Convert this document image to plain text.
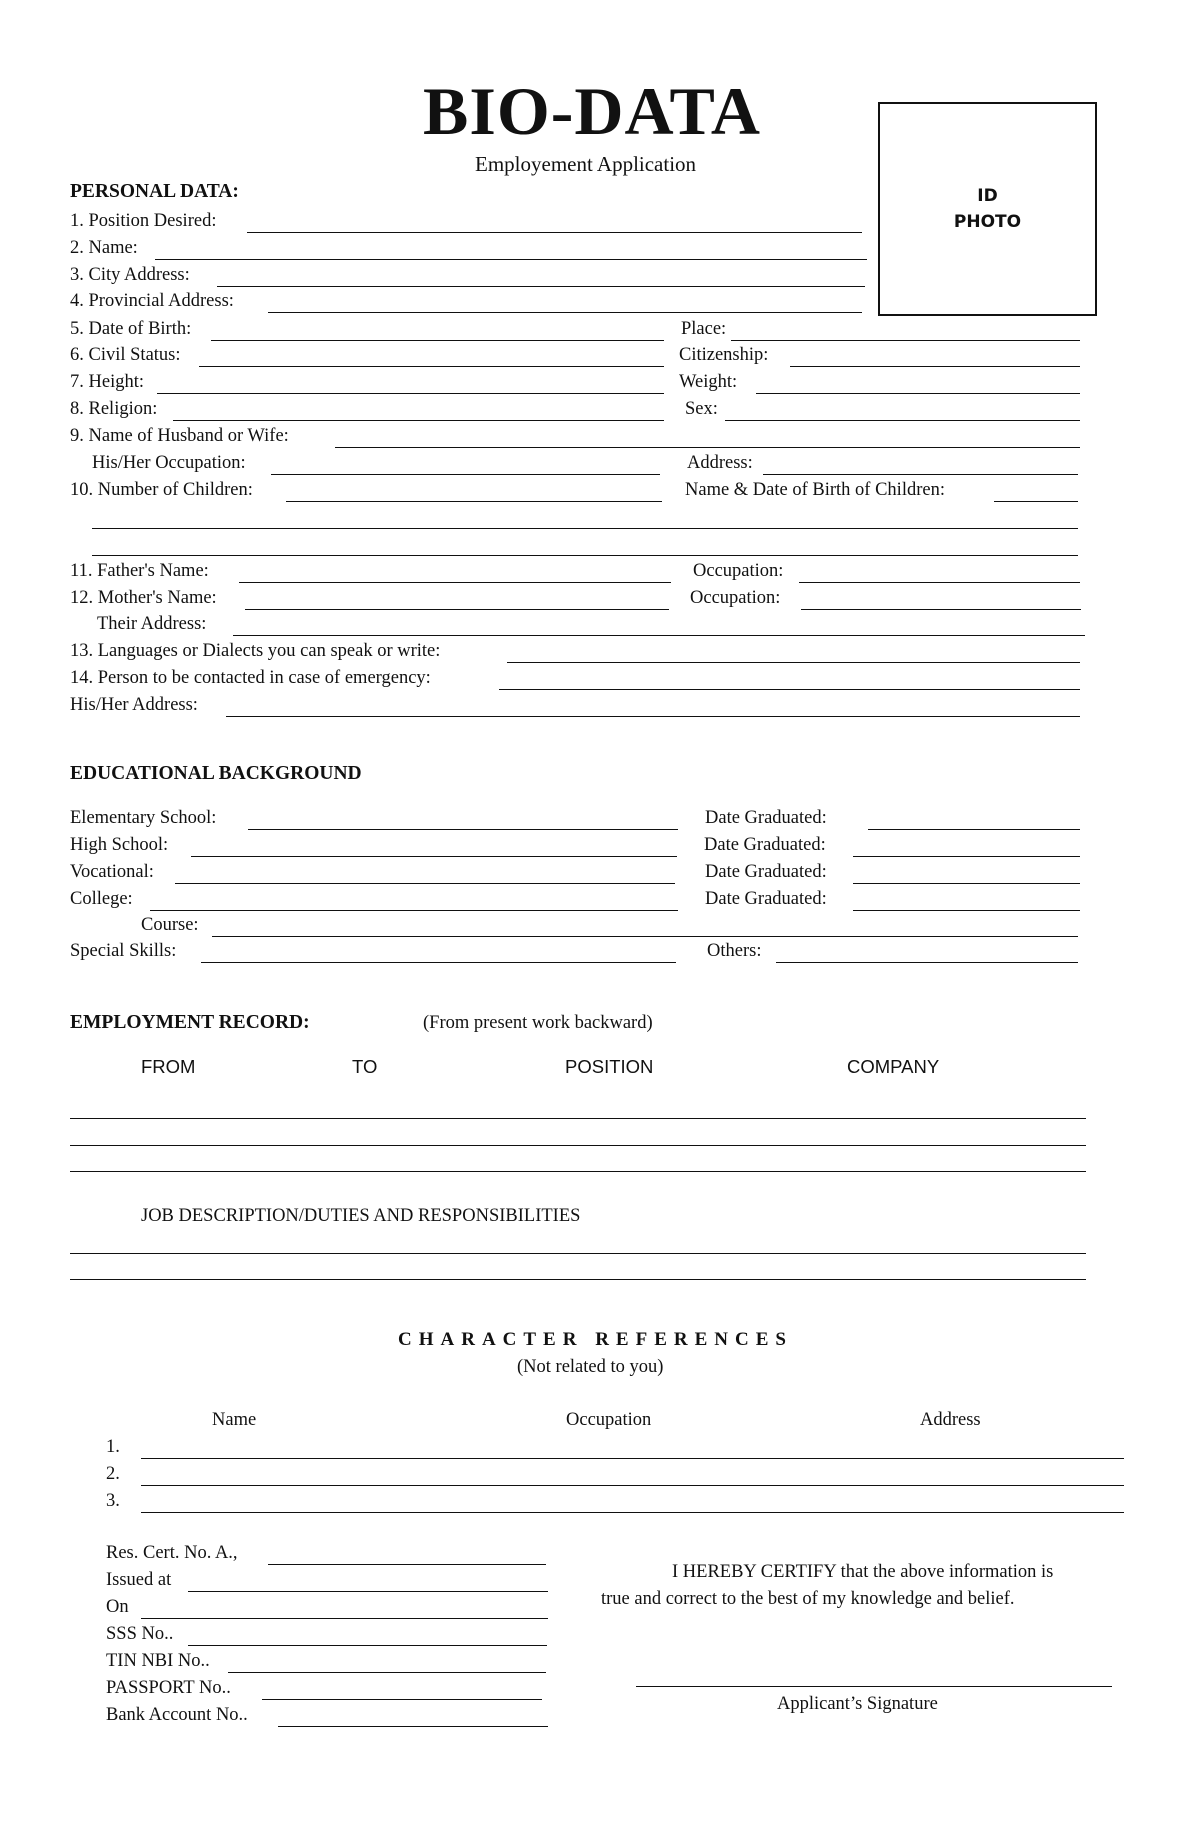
BIO-DATA
Employement Application
ID
PHOTO
PERSONAL DATA:
1. Position Desired:
2. Name:
3. City Address:
4. Provincial Address:
5. Date of Birth:	Place:
6. Civil Status:	Citizenship:
7. Height:	Weight:
8. Religion:	Sex:
9. Name of Husband or Wife:
His/Her Occupation:	Address:
10. Number of Children:	Name & Date of Birth of Children:
11. Father's Name:	Occupation:
12. Mother's Name:	Occupation:
Their Address:
13. Languages or Dialects you can speak or write:
14. Person to be contacted in case of emergency:
His/Her Address:
EDUCATIONAL BACKGROUND
Elementary School:	Date Graduated:
High School:	Date Graduated:
Vocational:	Date Graduated:
College:	Date Graduated:
Course:
Special Skills:	Others:
EMPLOYMENT RECORD:	(From present work backward)
FROM	TO	POSITION	COMPANY
JOB DESCRIPTION/DUTIES AND RESPONSIBILITIES
CHARACTER REFERENCES
(Not related to you)
Name	Occupation	Address
1.
2.
3.
Res. Cert. No. A.,
Issued at
On
SSS No..
TIN NBI No..
PASSPORT No..
Bank Account No..
I HEREBY CERTIFY that the above information is
true and correct to the best of my knowledge and belief.
Applicant’s Signature
